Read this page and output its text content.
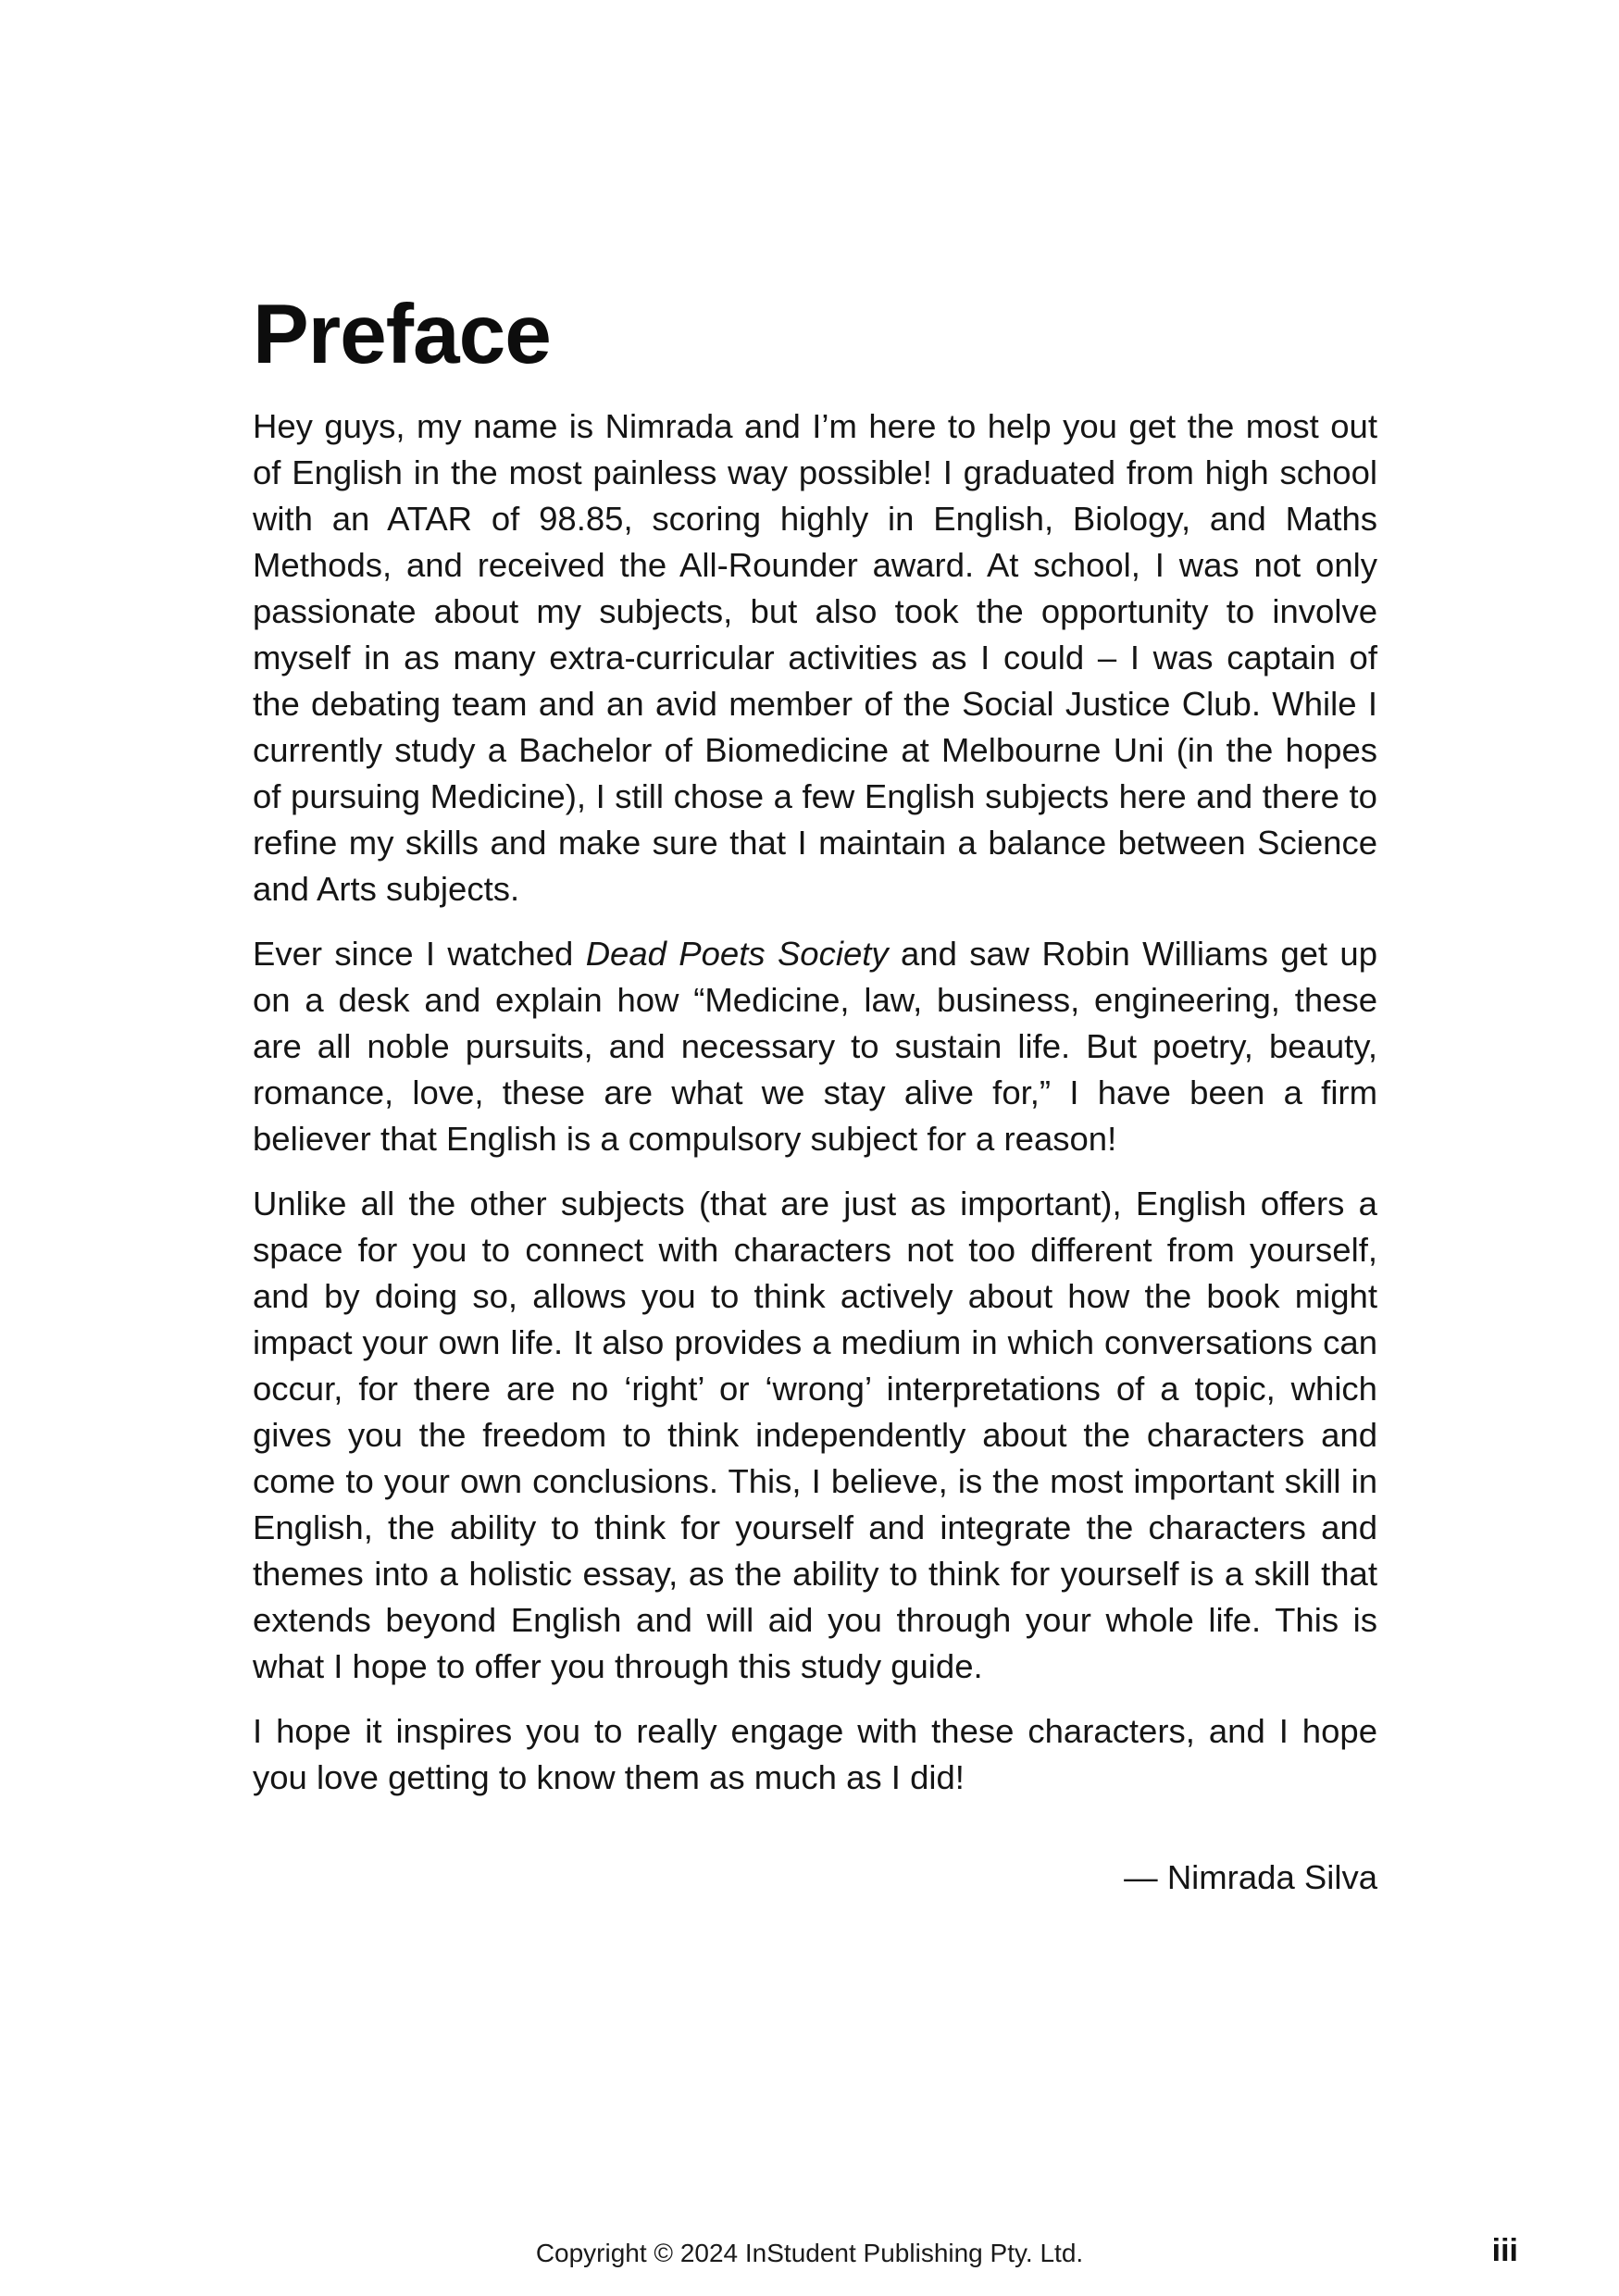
Preface

Hey guys, my name is Nimrada and I’m here to help you get the most out of English in the most painless way possible! I graduated from high school with an ATAR of 98.85, scoring highly in English, Biology, and Maths Methods, and received the All-Rounder award. At school, I was not only passionate about my subjects, but also took the opportunity to involve myself in as many extra-curricular activities as I could – I was captain of the debating team and an avid member of the Social Justice Club. While I currently study a Bachelor of Biomedicine at Melbourne Uni (in the hopes of pursuing Medicine), I still chose a few English subjects here and there to refine my skills and make sure that I maintain a balance between Science and Arts subjects.

Ever since I watched Dead Poets Society and saw Robin Williams get up on a desk and explain how “Medicine, law, business, engineering, these are all noble pursuits, and necessary to sustain life. But poetry, beauty, romance, love, these are what we stay alive for,” I have been a firm believer that English is a compulsory subject for a reason!

Unlike all the other subjects (that are just as important), English offers a space for you to connect with characters not too different from yourself, and by doing so, allows you to think actively about how the book might impact your own life. It also provides a medium in which conversations can occur, for there are no ‘right’ or ‘wrong’ interpretations of a topic, which gives you the freedom to think independently about the characters and come to your own conclusions. This, I believe, is the most important skill in English, the ability to think for yourself and integrate the characters and themes into a holistic essay, as the ability to think for yourself is a skill that extends beyond English and will aid you through your whole life. This is what I hope to offer you through this study guide.

I hope it inspires you to really engage with these characters, and I hope you love getting to know them as much as I did!

— Nimrada Silva

Copyright © 2024 InStudent Publishing Pty. Ltd.	iii
